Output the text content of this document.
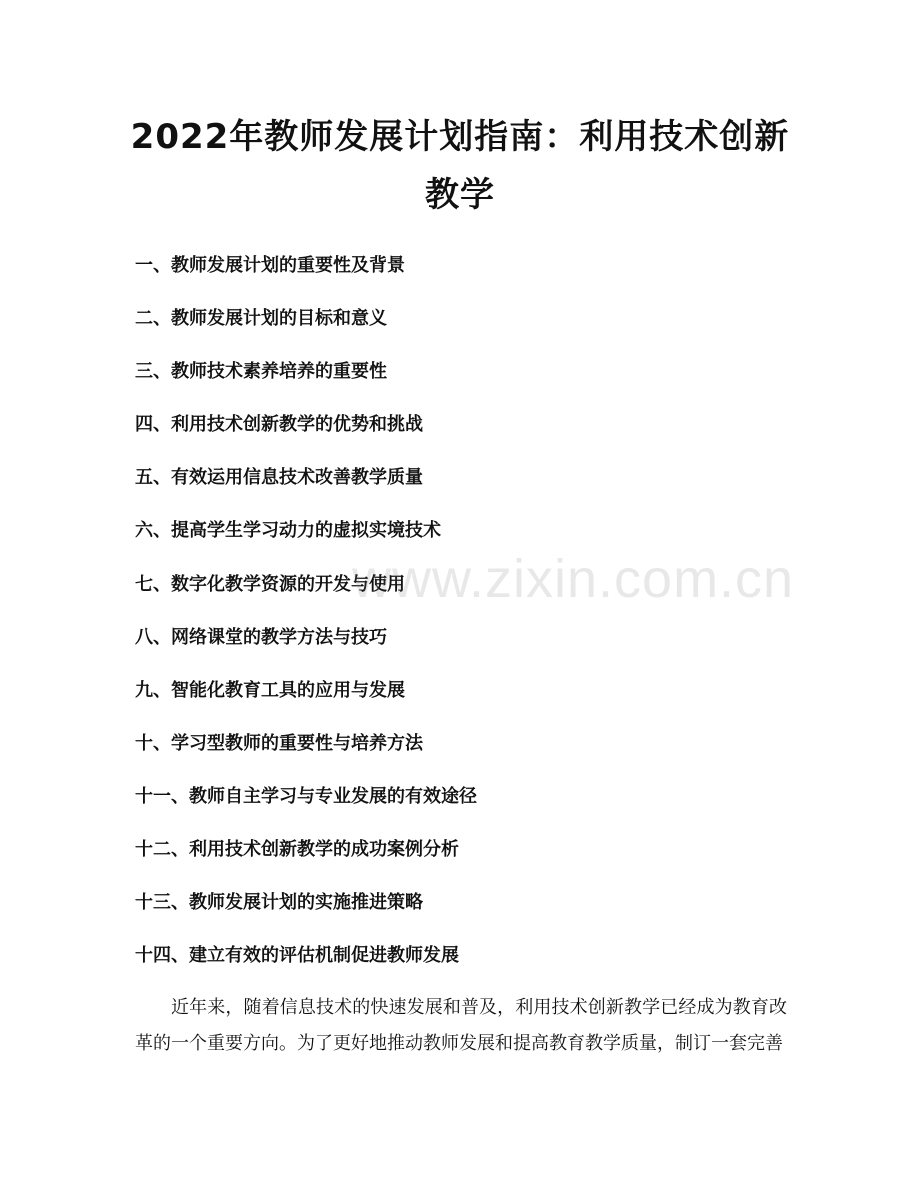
2022年教师发展计划指南：利用技术创新教学
一、教师发展计划的重要性及背景
二、教师发展计划的目标和意义
三、教师技术素养培养的重要性
四、利用技术创新教学的优势和挑战
五、有效运用信息技术改善教学质量
六、提高学生学习动力的虚拟实境技术
七、数字化教学资源的开发与使用
八、网络课堂的教学方法与技巧
九、智能化教育工具的应用与发展
十、学习型教师的重要性与培养方法
十一、教师自主学习与专业发展的有效途径
十二、利用技术创新教学的成功案例分析
十三、教师发展计划的实施推进策略
十四、建立有效的评估机制促进教师发展

近年来，随着信息技术的快速发展和普及，利用技术创新教学已经成为教育改革的一个重要方向。为了更好地推动教师发展和提高教育教学质量，制订一套完善

www.zixin.com.cn
